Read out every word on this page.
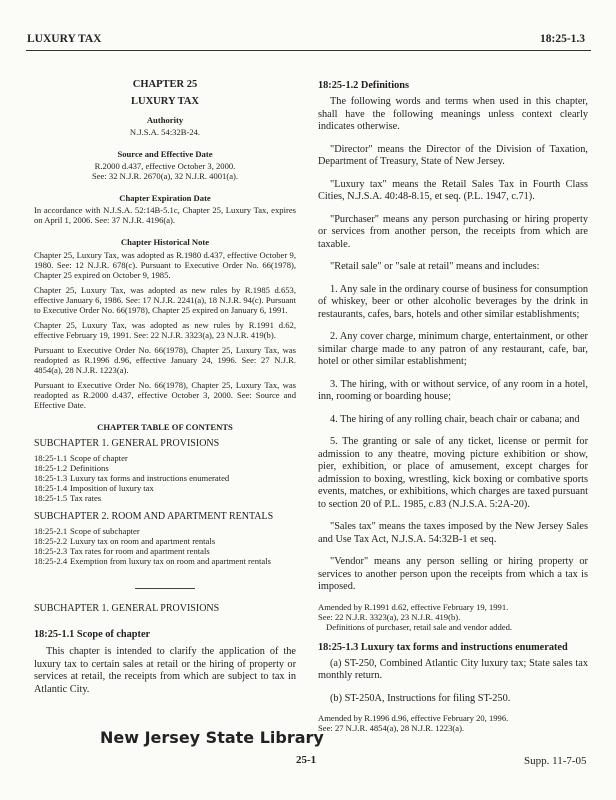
LUXURY TAX	18:25-1.3

CHAPTER 25

LUXURY TAX

Authority

N.J.S.A. 54:32B-24.

Source and Effective Date

R.2000 d.437, effective October 3, 2000.

See: 32 N.J.R. 2670(a), 32 N.J.R. 4001(a).

Chapter Expiration Date

In accordance with N.J.S.A. 52:14B-5.1c, Chapter 25, Luxury Tax, expires on April 1, 2006. See: 37 N.J.R. 4196(a).

Chapter Historical Note

Chapter 25, Luxury Tax, was adopted as R.1980 d.437, effective October 9, 1980. See: 12 N.J.R. 678(c). Pursuant to Executive Order No. 66(1978), Chapter 25 expired on October 9, 1985.

Chapter 25, Luxury Tax, was adopted as new rules by R.1985 d.653, effective January 6, 1986. See: 17 N.J.R. 2241(a), 18 N.J.R. 94(c). Pursuant to Executive Order No. 66(1978), Chapter 25 expired on January 6, 1991.

Chapter 25, Luxury Tax, was adopted as new rules by R.1991 d.62, effective February 19, 1991. See: 22 N.J.R. 3323(a), 23 N.J.R. 419(b).

Pursuant to Executive Order No. 66(1978), Chapter 25, Luxury Tax, was readopted as R.1996 d.96, effective January 24, 1996. See: 27 N.J.R. 4854(a), 28 N.J.R. 1223(a).

Pursuant to Executive Order No. 66(1978), Chapter 25, Luxury Tax, was readopted as R.2000 d.437, effective October 3, 2000. See: Source and Effective Date.

CHAPTER TABLE OF CONTENTS

SUBCHAPTER 1. GENERAL PROVISIONS

18:25-1.1 Scope of chapter
18:25-1.2 Definitions
18:25-1.3 Luxury tax forms and instructions enumerated
18:25-1.4 Imposition of luxury tax
18:25-1.5 Tax rates

SUBCHAPTER 2. ROOM AND APARTMENT RENTALS

18:25-2.1 Scope of subchapter
18:25-2.2 Luxury tax on room and apartment rentals
18:25-2.3 Tax rates for room and apartment rentals
18:25-2.4 Exemption from luxury tax on room and apartment rentals

SUBCHAPTER 1. GENERAL PROVISIONS

18:25-1.1 Scope of chapter

This chapter is intended to clarify the application of the luxury tax to certain sales at retail or the hiring of property or services at retail, the receipts from which are subject to tax in Atlantic City.

18:25-1.2 Definitions

The following words and terms when used in this chapter, shall have the following meanings unless context clearly indicates otherwise.

"Director" means the Director of the Division of Taxation, Department of Treasury, State of New Jersey.

"Luxury tax" means the Retail Sales Tax in Fourth Class Cities, N.J.S.A. 40:48-8.15, et seq. (P.L. 1947, c.71).

"Purchaser" means any person purchasing or hiring property or services from another person, the receipts from which are taxable.

"Retail sale" or "sale at retail" means and includes:

1. Any sale in the ordinary course of business for consumption of whiskey, beer or other alcoholic beverages by the drink in restaurants, cafes, bars, hotels and other similar establishments;

2. Any cover charge, minimum charge, entertainment, or other similar charge made to any patron of any restaurant, cafe, bar, hotel or other similar establishment;

3. The hiring, with or without service, of any room in a hotel, inn, rooming or boarding house;

4. The hiring of any rolling chair, beach chair or cabana; and

5. The granting or sale of any ticket, license or permit for admission to any theatre, moving picture exhibition or show, pier, exhibition, or place of amusement, except charges for admission to boxing, wrestling, kick boxing or combative sports events, matches, or exhibitions, which charges are taxed pursuant to section 20 of P.L. 1985, c.83 (N.J.S.A. 5:2A-20).

"Sales tax" means the taxes imposed by the New Jersey Sales and Use Tax Act, N.J.S.A. 54:32B-1 et seq.

"Vendor" means any person selling or hiring property or services to another person upon the receipts from which a tax is imposed.

Amended by R.1991 d.62, effective February 19, 1991.

See: 22 N.J.R. 3323(a), 23 N.J.R. 419(b).

Definitions of purchaser, retail sale and vendor added.

18:25-1.3 Luxury tax forms and instructions enumerated

(a) ST-250, Combined Atlantic City luxury tax; State sales tax monthly return.

(b) ST-250A, Instructions for filing ST-250.

Amended by R.1996 d.96, effective February 20, 1996.

See: 27 N.J.R. 4854(a), 28 N.J.R. 1223(a).

New Jersey State Library
25-1	Supp. 11-7-05
